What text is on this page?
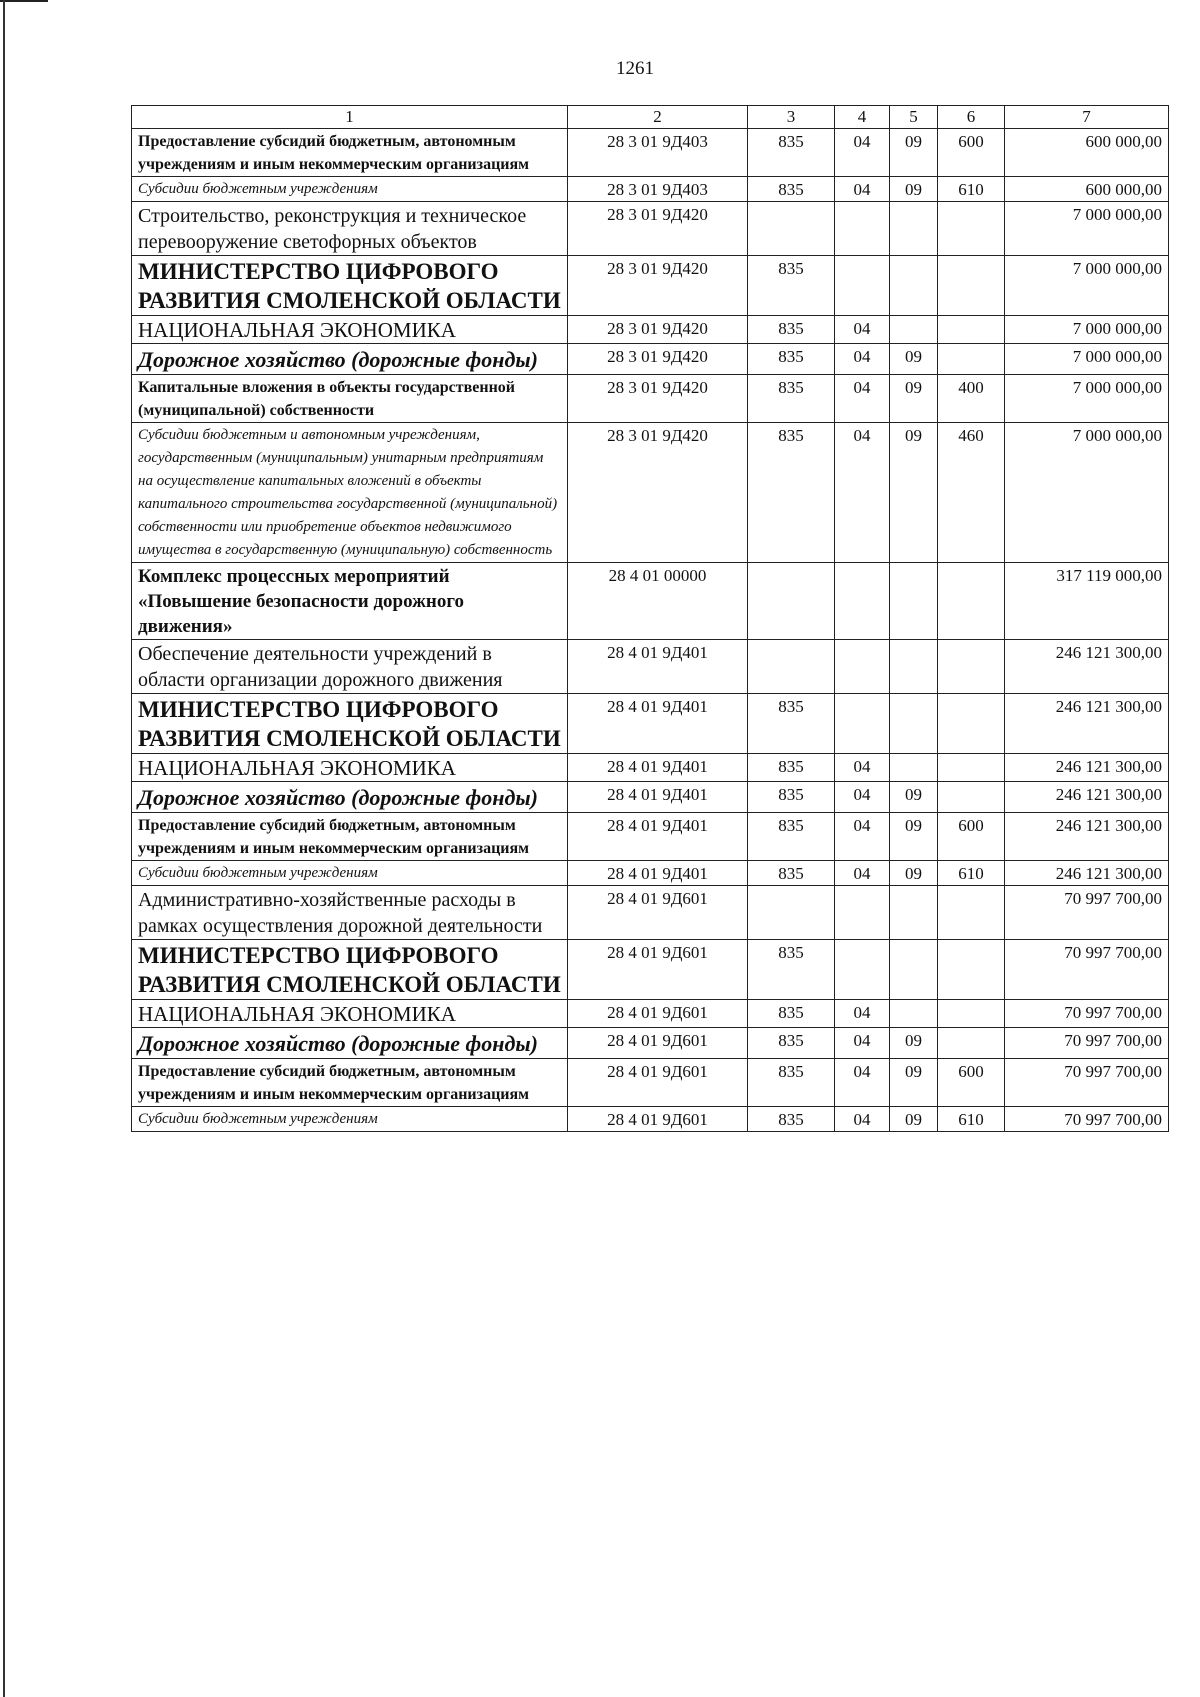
1261
1	2	3	4	5	6	7
Предоставление субсидий бюджетным, автономным учреждениям и иным некоммерческим организациям	28 3 01 9Д403	835	04	09	600	600 000,00
Субсидии бюджетным учреждениям	28 3 01 9Д403	835	04	09	610	600 000,00
Строительство, реконструкция и техническое перевооружение светофорных объектов	28 3 01 9Д420					7 000 000,00
МИНИСТЕРСТВО ЦИФРОВОГО РАЗВИТИЯ СМОЛЕНСКОЙ ОБЛАСТИ	28 3 01 9Д420	835				7 000 000,00
НАЦИОНАЛЬНАЯ ЭКОНОМИКА	28 3 01 9Д420	835	04			7 000 000,00
Дорожное хозяйство (дорожные фонды)	28 3 01 9Д420	835	04	09		7 000 000,00
Капитальные вложения в объекты государственной (муниципальной) собственности	28 3 01 9Д420	835	04	09	400	7 000 000,00
Субсидии бюджетным и автономным учреждениям, государственным (муниципальным) унитарным предприятиям на осуществление капитальных вложений в объекты капитального строительства государственной (муниципальной) собственности или приобретение объектов недвижимого имущества в государственную (муниципальную) собственность	28 3 01 9Д420	835	04	09	460	7 000 000,00
Комплекс процессных мероприятий «Повышение безопасности дорожного движения»	28 4 01 00000					317 119 000,00
Обеспечение деятельности учреждений в области организации дорожного движения	28 4 01 9Д401					246 121 300,00
МИНИСТЕРСТВО ЦИФРОВОГО РАЗВИТИЯ СМОЛЕНСКОЙ ОБЛАСТИ	28 4 01 9Д401	835				246 121 300,00
НАЦИОНАЛЬНАЯ ЭКОНОМИКА	28 4 01 9Д401	835	04			246 121 300,00
Дорожное хозяйство (дорожные фонды)	28 4 01 9Д401	835	04	09		246 121 300,00
Предоставление субсидий бюджетным, автономным учреждениям и иным некоммерческим организациям	28 4 01 9Д401	835	04	09	600	246 121 300,00
Субсидии бюджетным учреждениям	28 4 01 9Д401	835	04	09	610	246 121 300,00
Административно-хозяйственные расходы в рамках осуществления дорожной деятельности	28 4 01 9Д601					70 997 700,00
МИНИСТЕРСТВО ЦИФРОВОГО РАЗВИТИЯ СМОЛЕНСКОЙ ОБЛАСТИ	28 4 01 9Д601	835				70 997 700,00
НАЦИОНАЛЬНАЯ ЭКОНОМИКА	28 4 01 9Д601	835	04			70 997 700,00
Дорожное хозяйство (дорожные фонды)	28 4 01 9Д601	835	04	09		70 997 700,00
Предоставление субсидий бюджетным, автономным учреждениям и иным некоммерческим организациям	28 4 01 9Д601	835	04	09	600	70 997 700,00
Субсидии бюджетным учреждениям	28 4 01 9Д601	835	04	09	610	70 997 700,00
